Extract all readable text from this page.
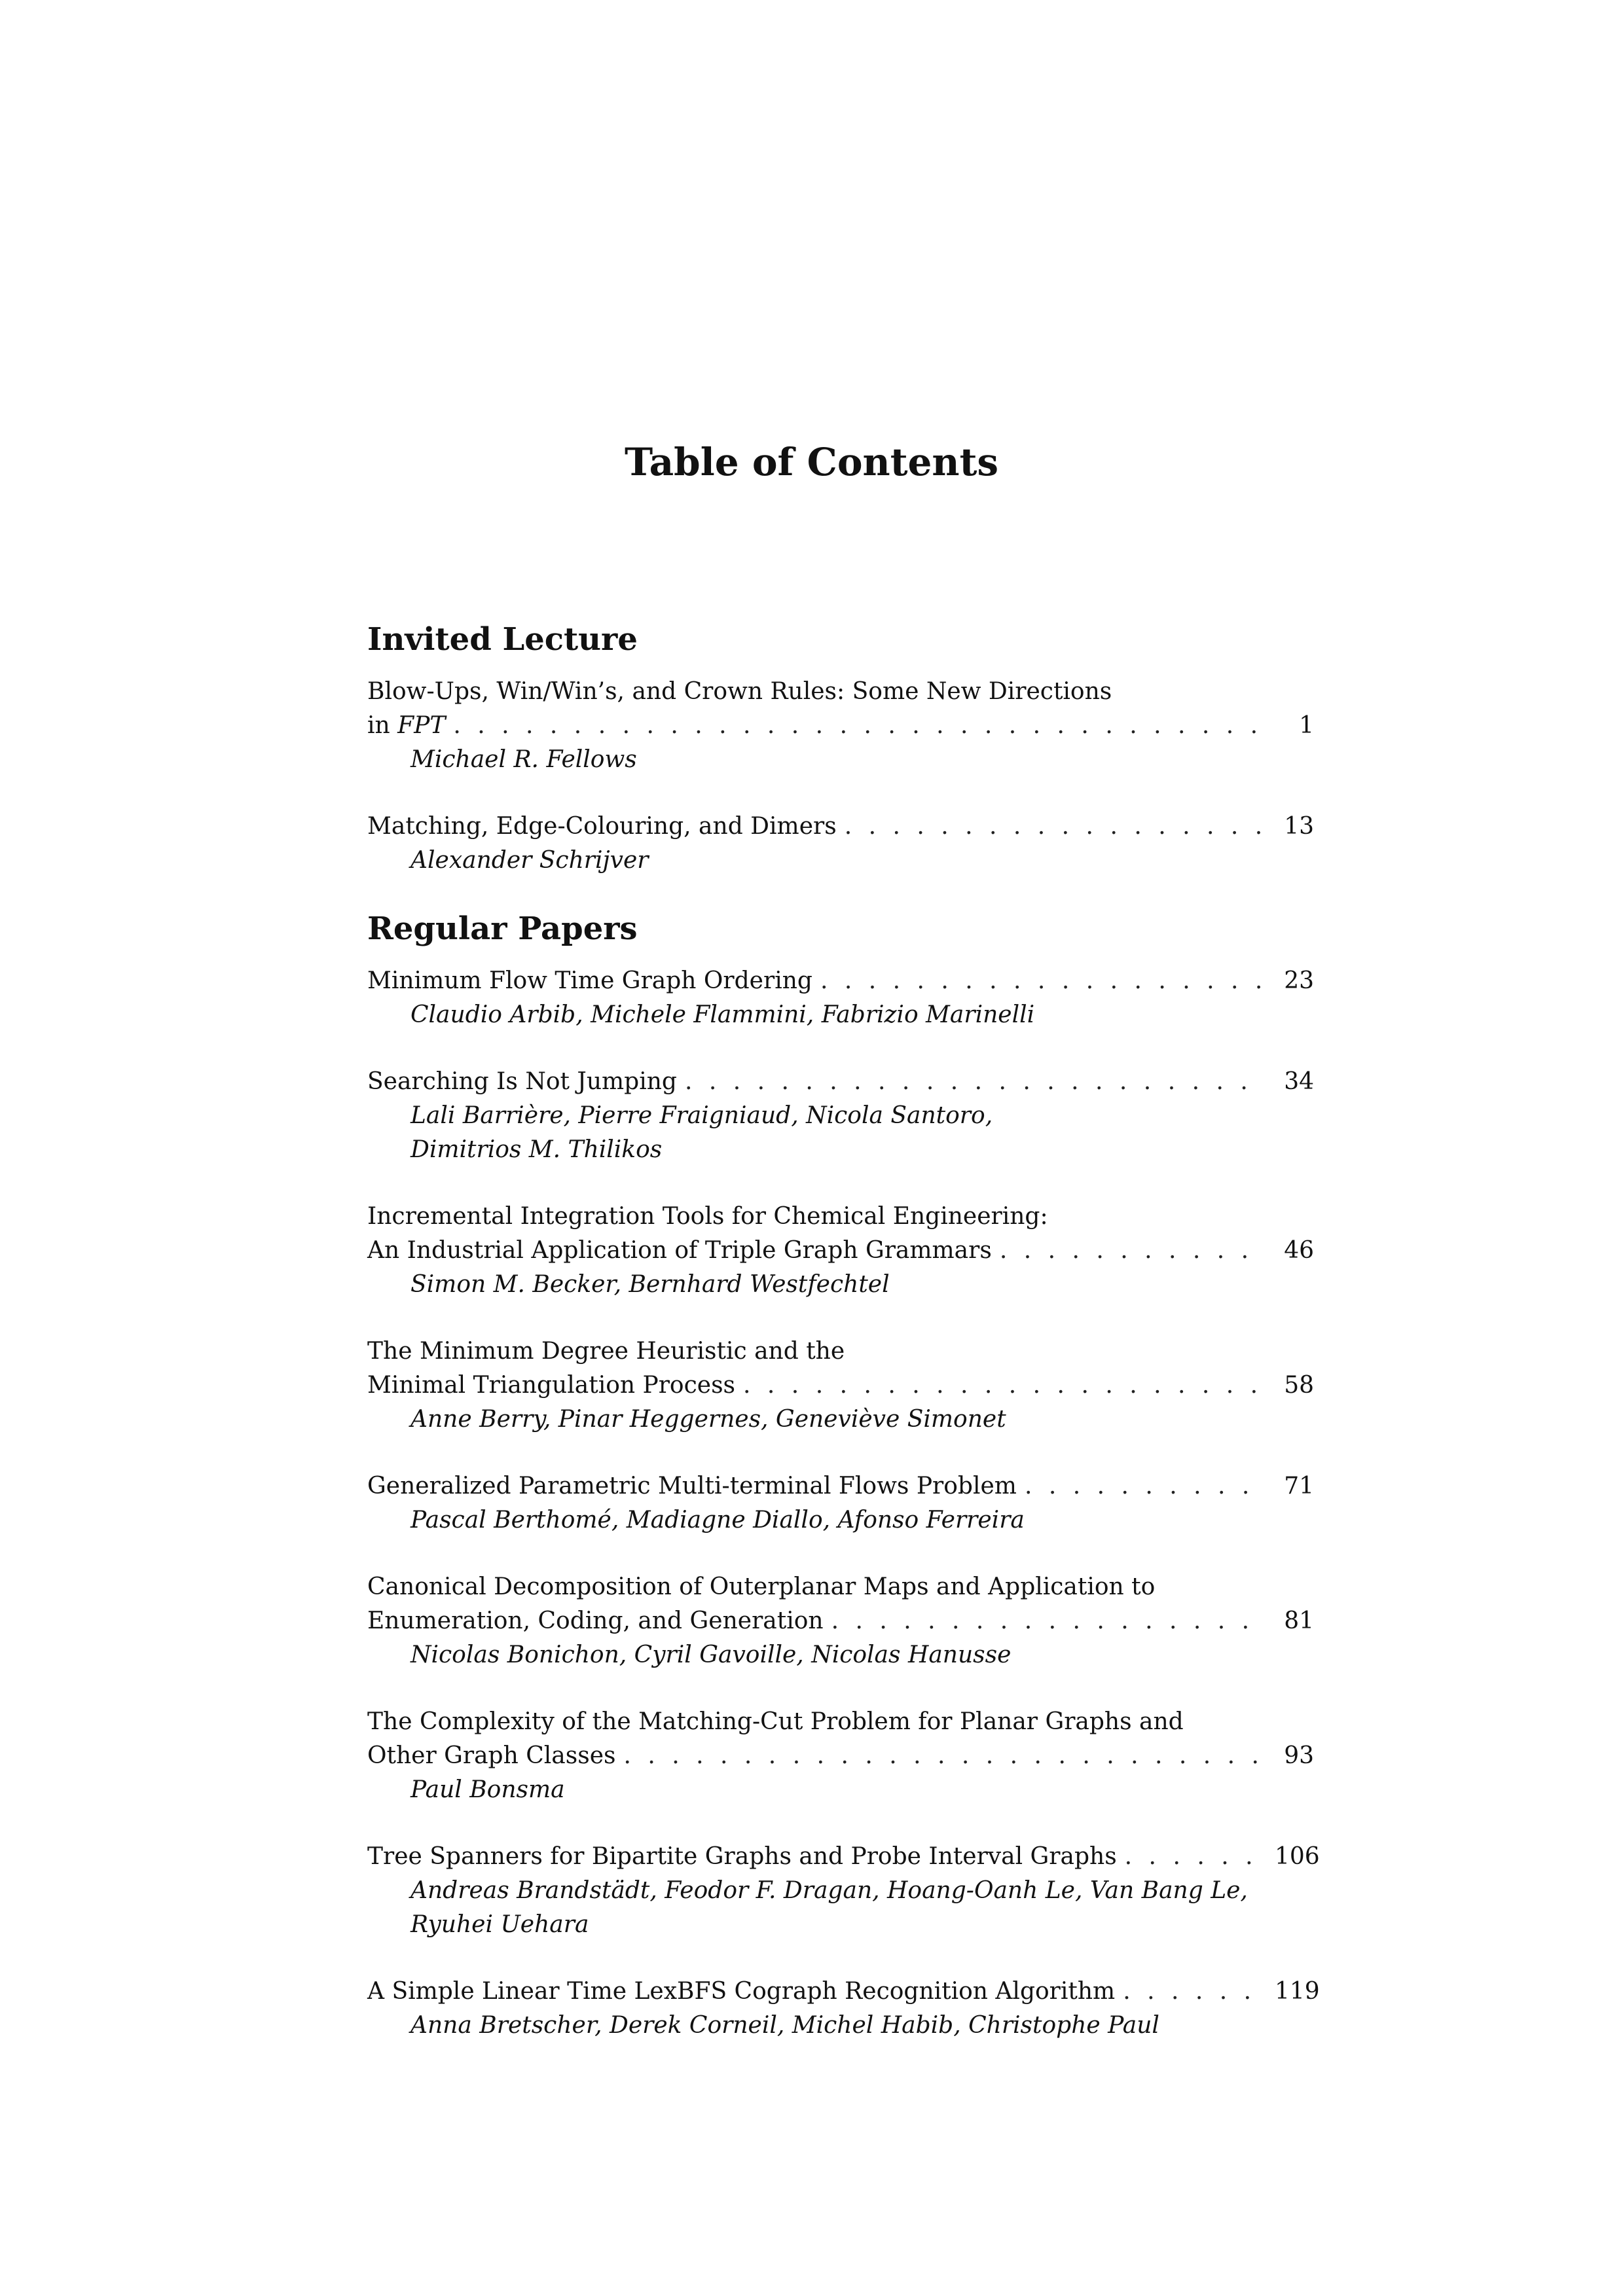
Table of Contents
Invited Lecture
Blow-Ups, Win/Win’s, and Crown Rules: Some New Directions
in FPT . . .	1
Michael R. Fellows
Matching, Edge-Colouring, and Dimers . . .	13
Alexander Schrijver
Regular Papers
Minimum Flow Time Graph Ordering . . .	23
Claudio Arbib, Michele Flammini, Fabrizio Marinelli
Searching Is Not Jumping . . .	34
Lali Barrière, Pierre Fraigniaud, Nicola Santoro,
Dimitrios M. Thilikos
Incremental Integration Tools for Chemical Engineering:
An Industrial Application of Triple Graph Grammars . . .	46
Simon M. Becker, Bernhard Westfechtel
The Minimum Degree Heuristic and the
Minimal Triangulation Process . . .	58
Anne Berry, Pinar Heggernes, Geneviève Simonet
Generalized Parametric Multi-terminal Flows Problem . . .	71
Pascal Berthomé, Madiagne Diallo, Afonso Ferreira
Canonical Decomposition of Outerplanar Maps and Application to
Enumeration, Coding, and Generation . . .	81
Nicolas Bonichon, Cyril Gavoille, Nicolas Hanusse
The Complexity of the Matching-Cut Problem for Planar Graphs and
Other Graph Classes . . .	93
Paul Bonsma
Tree Spanners for Bipartite Graphs and Probe Interval Graphs . . .	106
Andreas Brandstädt, Feodor F. Dragan, Hoang-Oanh Le, Van Bang Le,
Ryuhei Uehara
A Simple Linear Time LexBFS Cograph Recognition Algorithm . . .	119
Anna Bretscher, Derek Corneil, Michel Habib, Christophe Paul
